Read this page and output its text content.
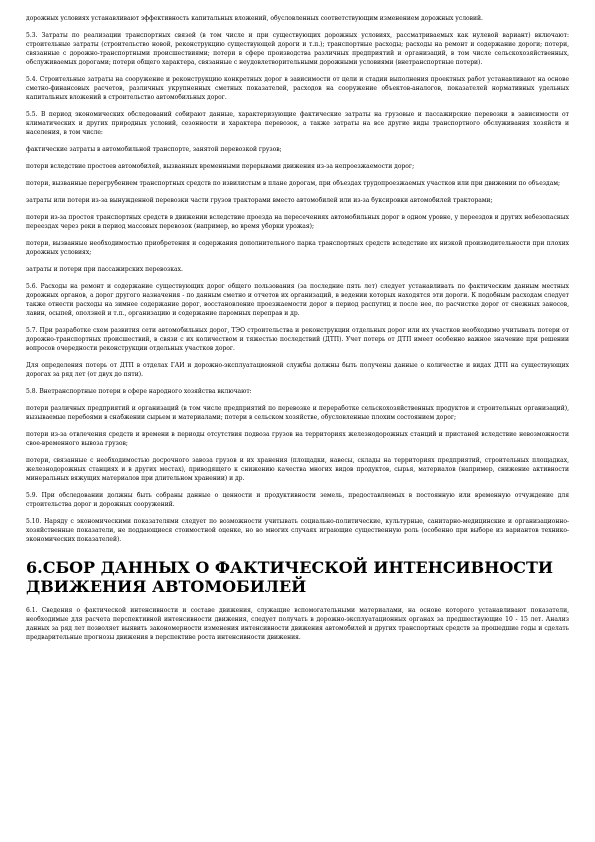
дорожных условиях устанавливают эффективность капитальных вложений, обусловленных соответствующим изменением дорожных условий.

5.3. Затраты по реализации транспортных связей (в том числе и при существующих дорожных условиях, рассматриваемых как нулевой вариант) включают: строительные затраты (строительство новой, реконструкцию существующей дороги и т.п.); транспортные расходы; расходы на ремонт и содержание дороги; потери, связанные с дорожно-транспортными происшествиями; потери в сфере производства различных предприятий и организаций, в том числе сельскохозяйственных, обслуживаемых дорогами; потери общего характера, связанные с неудовлетворительными дорожными условиями (внетранспортные потери).

5.4. Строительные затраты на сооружение и реконструкцию конкретных дорог в зависимости от цели и стадии выполнения проектных работ устанавливают на основе сметно-финансовых расчетов, различных укрупненных сметных показателей, расходов на сооружение объектов-аналогов, показателей нормативных удельных капитальных вложений в строительство автомобильных дорог.

5.5. В период экономических обследований собирают данные, характеризующие фактические затраты на грузовые и пассажирские перевозки в зависимости от климатических и других природных условий, сезонности и характера перевозок, а также затраты на все другие виды транспортного обслуживания хозяйств и населения, в том числе:

фактические затраты в автомобильной транспорте, занятой перевозкой грузов;

потери вследствие простоев автомобилей, вызванных временными перерывами движения из-за непроезжаемости дорог;

потери, вызванные перегрубением транспортных средств по извилистым в плане дорогам, при объездах трудопроезжаемых участков или при движении по объездам;

затраты или потери из-за вынужденной перевозки части грузов тракторами вместо автомобилей или из-за буксировки автомобилей тракторами;

потери из-за простоя транспортных средств в движении вследствие проезда на пересечениях автомобильных дорог в одном уровне, у переездов и других небезопасных переездах через реки в период массовых перевозок (например, во время уборки урожая);

потери, вызванные необходимостью приобретения и содержания дополнительного парка транспортных средств вследствие их низкой производительности при плохих дорожных условиях;

затраты и потери при пассажирских перевозках.

5.6. Расходы на ремонт и содержание существующих дорог общего пользования (за последние пять лет) следует устанавливать по фактическим данным местных дорожных органов, а дорог другого назначения - по данным сметно и отчетов их организаций, в ведении которых находятся эти дороги. К подобным расходам следует также отнести расходы на зимнее содержание дорог, восстановление проезжаемости дорог в период распутиц и после нее, по расчистке дорог от снежных заносов, лавин, осыпей, оползней и т.п., организацию и содержание паромных переправ и др.

5.7. При разработке схем развития сети автомобильных дорог, ТЭО строительства и реконструкции отдельных дорог или их участков необходимо учитывать потери от дорожно-транспортных происшествий, в связи с их количеством и тяжестью последствий (ДТП). Учет потерь от ДТП имеет особенно важное значение при решении вопросов очередности реконструкции отдельных участков дорог.

Для определения потерь от ДТП в отделах ГАИ и дорожно-эксплуатационной службы должны быть получены данные о количестве и видах ДТП на существующих дорогах за ряд лет (от двух до пяти).

5.8. Внетранспортные потери в сфере народного хозяйства включают:

потери различных предприятий и организаций (в том числе предприятий по перевозке и переработке сельскохозяйственных продуктов и строительных организаций), вызываемые перебоями в снабжении сырьем и материалами; потери в сельском хозяйстве, обусловленные плохим состоянием дорог;

потери из-за отвлечения средств и времени в периоды отсутствия подвоза грузов на территориях железнодорожных станций и пристаней вследствие невозможности свое-временного вывоза грузов;

потери, связанные с необходимостью досрочного завоза грузов и их хранения (площадки, навесы, склады на территориях предприятий, строительных площадках, железнодорожных станциях и в других местах), приводящего к снижению качества многих видов продуктов, сырья, материалов (например, снижение активности минеральных вяжущих материалов при длительном хранении) и др.

5.9. При обследовании должны быть собраны данные о ценности и продуктивности земель, предоставляемых в постоянную или временную отчуждение для строительства дорог и дорожных сооружений.

5.10. Наряду с экономическими показателями следует по возможности учитывать социально-политические, культурные, санитарно-медицинские и организационно-хозяйственные показатели, не поддающиеся стоимостной оценке, но во многих случаях играющие существенную роль (особенно при выборе из вариантов технико-экономических показателей).

6.СБОР ДАННЫХ О ФАКТИЧЕСКОЙ ИНТЕНСИВНОСТИ ДВИЖЕНИЯ АВТОМОБИЛЕЙ

6.1. Сведения о фактической интенсивности и составе движения, служащие вспомогательными материалами, на основе которого устанавливают показатели, необходимые для расчета перспективной интенсивности движения, следует получать в дорожно-эксплуатационных органах за предшествующие 10 - 15 лет. Анализ данных за ряд лет позволяет выявить закономерности изменения интенсивности движения автомобилей и других транспортных средств за прошедшие годы и сделать предварительные прогнозы движения в перспективе роста интенсивности движения.
